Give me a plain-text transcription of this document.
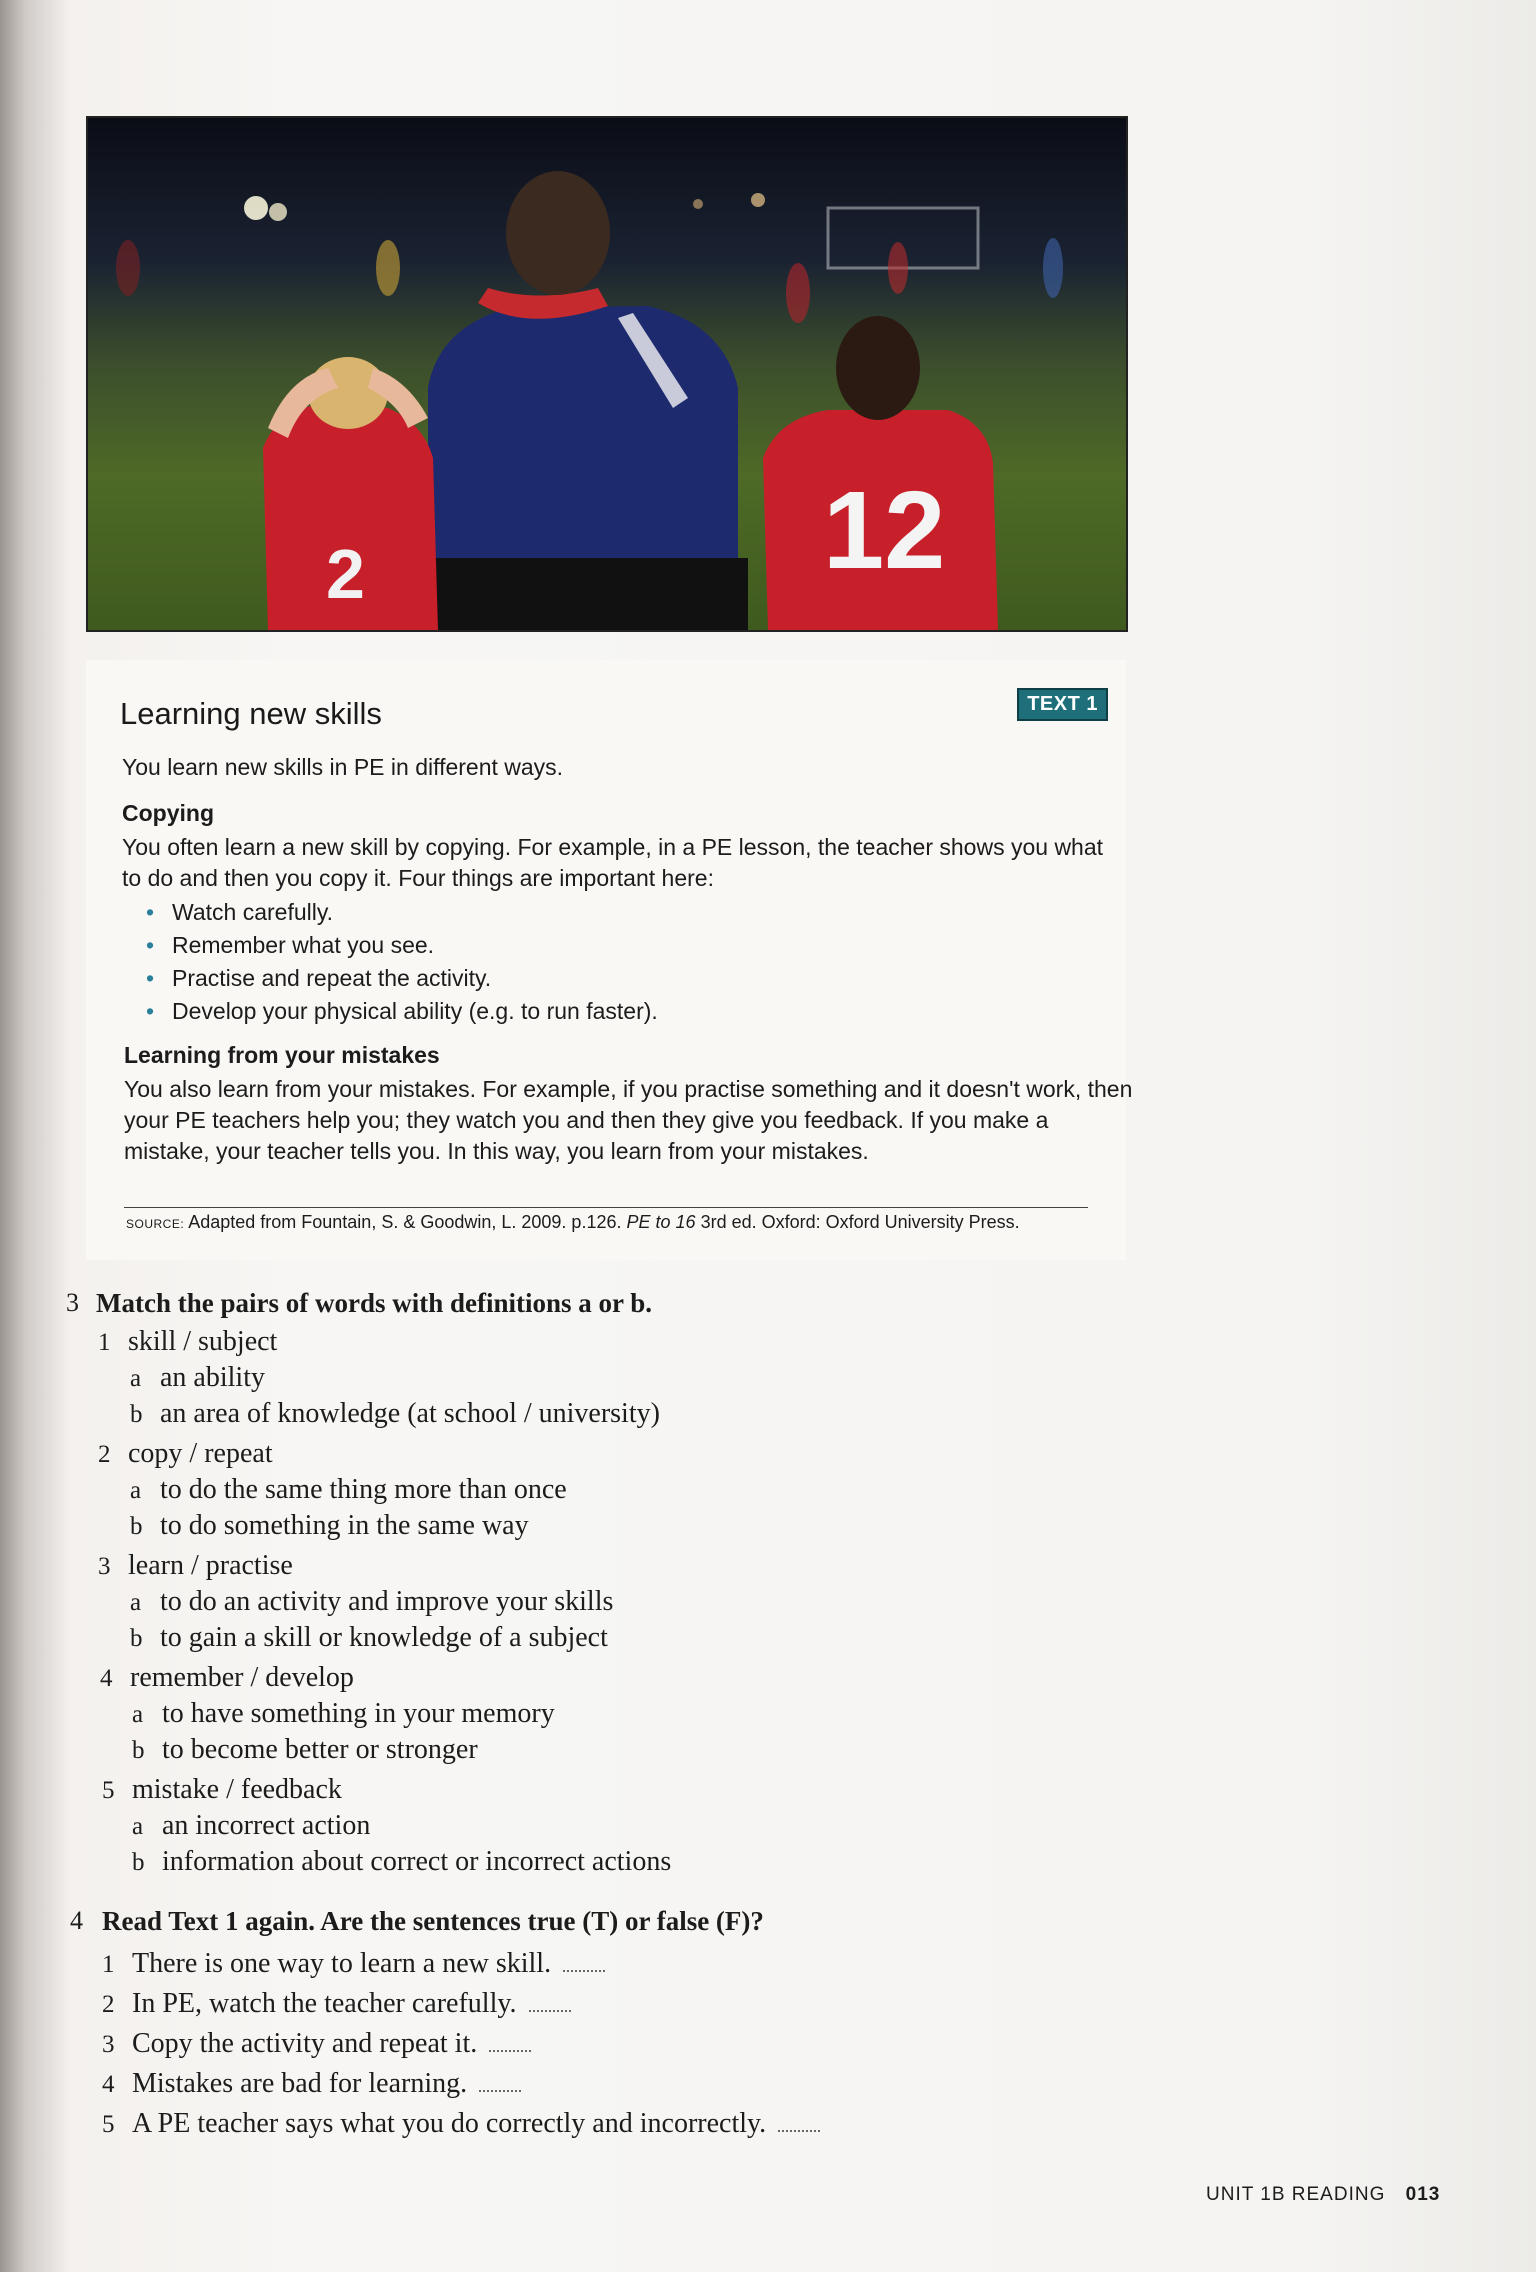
2	12
Learning new skills	TEXT 1
You learn new skills in PE in different ways.
Copying
You often learn a new skill by copying. For example, in a PE lesson, the teacher shows you what to do and then you copy it. Four things are important here:
• Watch carefully.
• Remember what you see.
• Practise and repeat the activity.
• Develop your physical ability (e.g. to run faster).
Learning from your mistakes
You also learn from your mistakes. For example, if you practise something and it doesn't work, then your PE teachers help you; they watch you and then they give you feedback. If you make a mistake, your teacher tells you. In this way, you learn from your mistakes.
SOURCE: Adapted from Fountain, S. & Goodwin, L. 2009. p.126. PE to 16 3rd ed. Oxford: Oxford University Press.
3 Match the pairs of words with definitions a or b.
1 skill / subject
a an ability
b an area of knowledge (at school / university)
2 copy / repeat
a to do the same thing more than once
b to do something in the same way
3 learn / practise
a to do an activity and improve your skills
b to gain a skill or knowledge of a subject
4 remember / develop
a to have something in your memory
b to become better or stronger
5 mistake / feedback
a an incorrect action
b information about correct or incorrect actions
4 Read Text 1 again. Are the sentences true (T) or false (F)?
1 There is one way to learn a new skill.
2 In PE, watch the teacher carefully.
3 Copy the activity and repeat it.
4 Mistakes are bad for learning.
5 A PE teacher says what you do correctly and incorrectly.
UNIT 1B READING 013
